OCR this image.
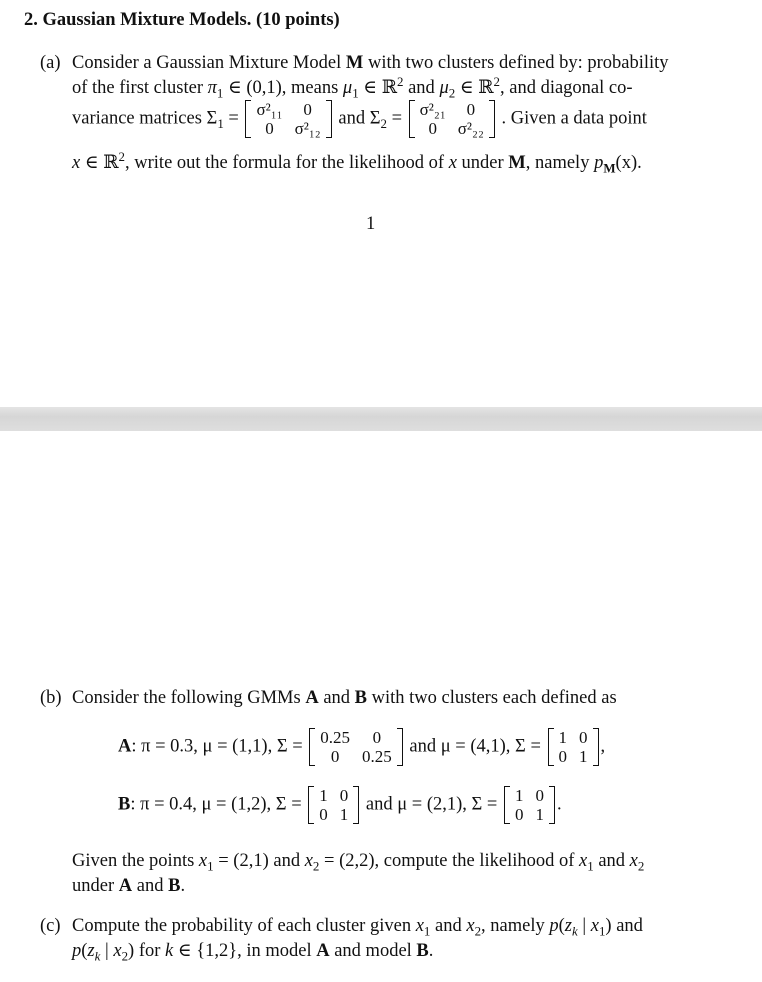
2. Gaussian Mixture Models. (10 points)
(a) Consider a Gaussian Mixture Model M with two clusters defined by: probability
of the first cluster $\pi_1$ ∈ (0,1), means $\mu_1$ ∈ ℝ$^2$ and $\mu_2$ ∈ ℝ$^2$, and diagonal co-
variance matrices $\Sigma_1 = \sigma^2_{11}$	0
0	σ²₁₂
and $\Sigma_2 = \sigma^2_{21}$	0
0	σ²₂₂
. Given a data point
x ∈ ℝ$^2$, write out the formula for the likelihood of x under M, namely $p_M(x)$.
1
(b) Consider the following GMMs A and B with two clusters each defined as
A: π = 0.3, μ = (1,1), Σ = 0.25	0
0	0.25
and μ = (4,1), Σ = 1	0
0	1
,
B: π = 0.4, μ = (1,2), Σ = 1	0
0	1
and μ = (2,1), Σ = 1	0
0	1
.
Given the points $x_1 = (2,1)$ and $x_2 = (2,2)$, compute the likelihood of $x_1$ and $x_2$
under A and B.
(c) Compute the probability of each cluster given $x_1$ and $x_2$, namely $p(z_k$ | $x_1$) and
$p(z_k$ | $x_2$) for k ∈ {1,2}, in model A and model B.
